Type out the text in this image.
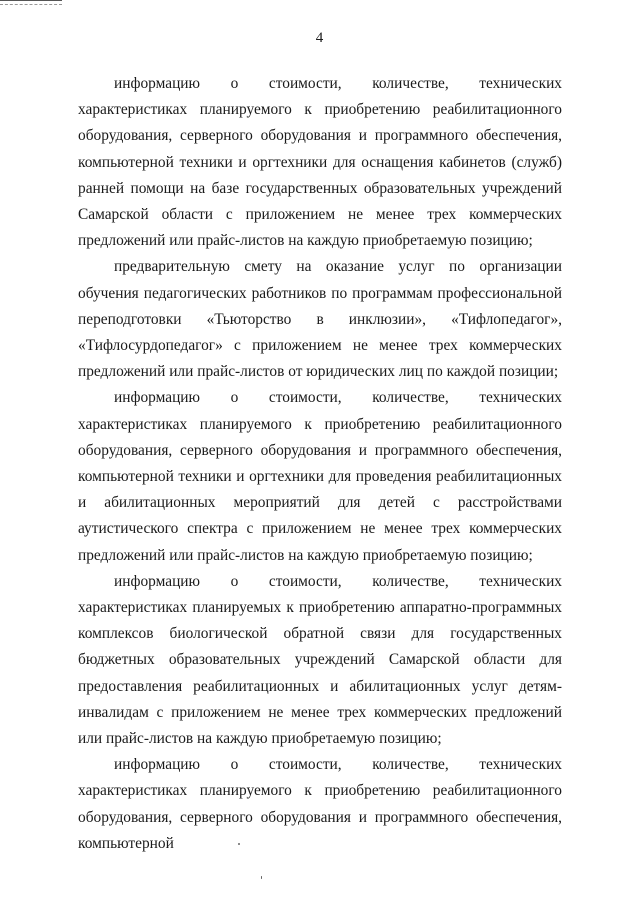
4

информацию о стоимости, количестве, технических характеристиках планируемого к приобретению реабилитационного оборудования, серверного оборудования и программного обеспечения, компьютерной техники и оргтехники для оснащения кабинетов (служб) ранней помощи на базе государственных образовательных учреждений Самарской области с приложением не менее трех коммерческих предложений или прайс-листов на каждую приобретаемую позицию;

предварительную смету на оказание услуг по организации обучения педагогических работников по программам профессиональной переподготовки «Тьюторство в инклюзии», «Тифлопедагог», «Тифлосурдопедагог» с приложением не менее трех коммерческих предложений или прайс-листов от юридических лиц по каждой позиции;

информацию о стоимости, количестве, технических характеристиках планируемого к приобретению реабилитационного оборудования, серверного оборудования и программного обеспечения, компьютерной техники и оргтехники для проведения реабилитационных и абилитационных мероприятий для детей с расстройствами аутистического спектра с приложением не менее трех коммерческих предложений или прайс-листов на каждую приобретаемую позицию;

информацию о стоимости, количестве, технических характеристиках планируемых к приобретению аппаратно-программных комплексов биологической обратной связи для государственных бюджетных образовательных учреждений Самарской области для предоставления реабилитационных и абилитационных услуг детям-инвалидам с приложением не менее трех коммерческих предложений или прайс-листов на каждую приобретаемую позицию;

информацию о стоимости, количестве, технических характеристиках планируемого к приобретению реабилитационного оборудования, серверного оборудования и программного обеспечения, компьютерной
